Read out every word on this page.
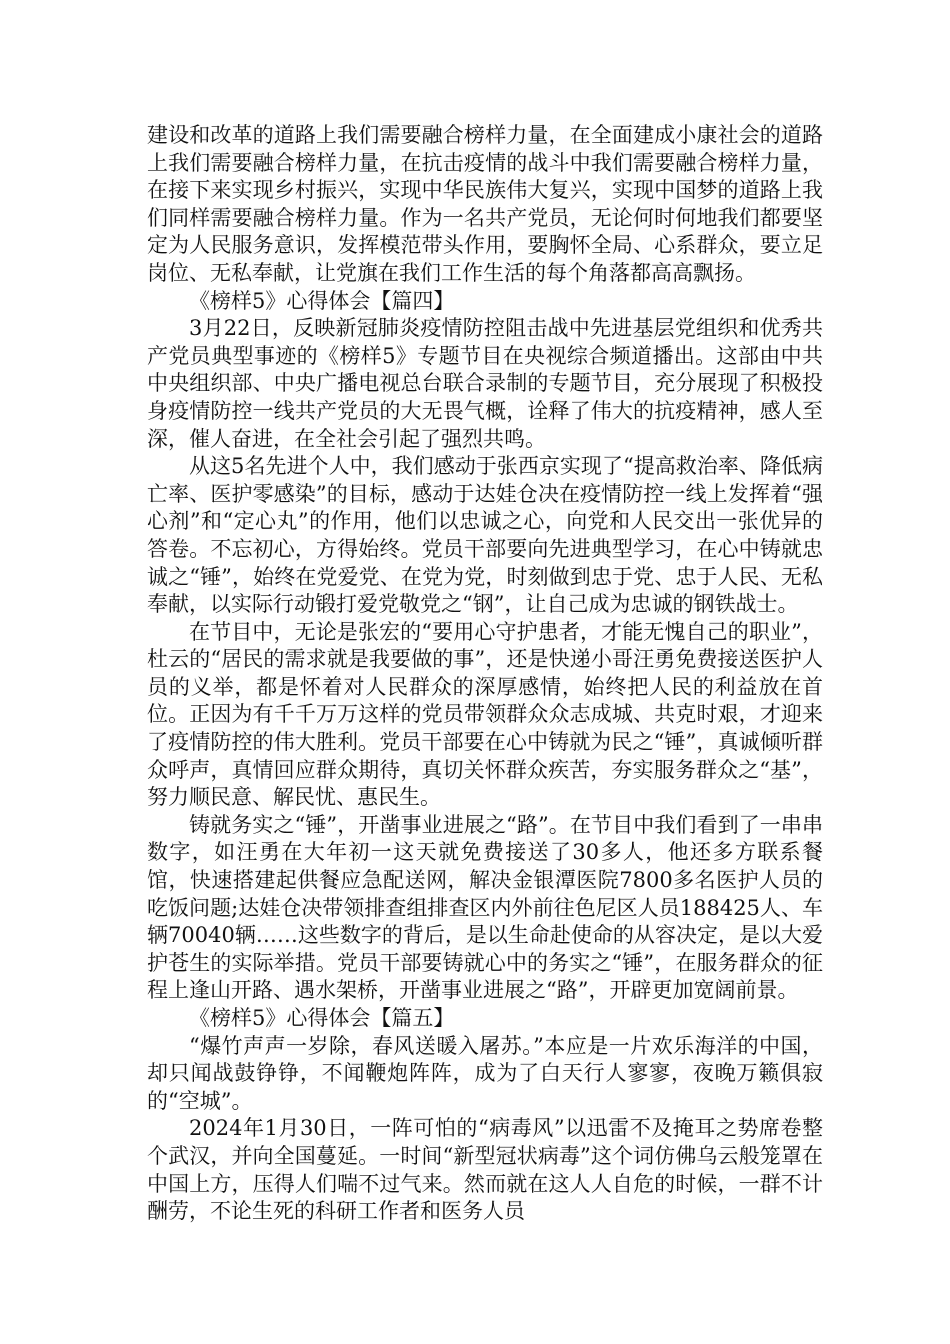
建设和改革的道路上我们需要融合榜样力量，在全面建成小康社会的道路上我们需要融合榜样力量，在抗击疫情的战斗中我们需要融合榜样力量，在接下来实现乡村振兴，实现中华民族伟大复兴，实现中国梦的道路上我们同样需要融合榜样力量。作为一名共产党员，无论何时何地我们都要坚定为人民服务意识，发挥模范带头作用，要胸怀全局、心系群众，要立足岗位、无私奉献，让党旗在我们工作生活的每个角落都高高飘扬。

《榜样5》心得体会【篇四】

3月22日，反映新冠肺炎疫情防控阻击战中先进基层党组织和优秀共产党员典型事迹的《榜样5》专题节目在央视综合频道播出。这部由中共中央组织部、中央广播电视总台联合录制的专题节目，充分展现了积极投身疫情防控一线共产党员的大无畏气概，诠释了伟大的抗疫精神，感人至深，催人奋进，在全社会引起了强烈共鸣。

从这5名先进个人中，我们感动于张西京实现了“提高救治率、降低病亡率、医护零感染”的目标，感动于达娃仓决在疫情防控一线上发挥着“强心剂”和“定心丸”的作用，他们以忠诚之心，向党和人民交出一张优异的答卷。不忘初心，方得始终。党员干部要向先进典型学习，在心中铸就忠诚之“锤”，始终在党爱党、在党为党，时刻做到忠于党、忠于人民、无私奉献，以实际行动锻打爱党敬党之“钢”，让自己成为忠诚的钢铁战士。

在节目中，无论是张宏的“要用心守护患者，才能无愧自己的职业”，杜云的“居民的需求就是我要做的事”，还是快递小哥汪勇免费接送医护人员的义举，都是怀着对人民群众的深厚感情，始终把人民的利益放在首位。正因为有千千万万这样的党员带领群众众志成城、共克时艰，才迎来了疫情防控的伟大胜利。党员干部要在心中铸就为民之“锤”，真诚倾听群众呼声，真情回应群众期待，真切关怀群众疾苦，夯实服务群众之“基”，努力顺民意、解民忧、惠民生。

铸就务实之“锤”，开凿事业进展之“路”。在节目中我们看到了一串串数字，如汪勇在大年初一这天就免费接送了30多人，他还多方联系餐馆，快速搭建起供餐应急配送网，解决金银潭医院7800多名医护人员的吃饭问题;达娃仓决带领排查组排查区内外前往色尼区人员188425人、车辆70040辆……这些数字的背后，是以生命赴使命的从容决定，是以大爱护苍生的实际举措。党员干部要铸就心中的务实之“锤”，在服务群众的征程上逢山开路、遇水架桥，开凿事业进展之“路”，开辟更加宽阔前景。

《榜样5》心得体会【篇五】

“爆竹声声一岁除，春风送暖入屠苏。”本应是一片欢乐海洋的中国，却只闻战鼓铮铮，不闻鞭炮阵阵，成为了白天行人寥寥，夜晚万籁俱寂的“空城”。

2024年1月30日，一阵可怕的“病毒风”以迅雷不及掩耳之势席卷整个武汉，并向全国蔓延。一时间“新型冠状病毒”这个词仿佛乌云般笼罩在中国上方，压得人们喘不过气来。然而就在这人人自危的时候，一群不计酬劳，不论生死的科研工作者和医务人员
